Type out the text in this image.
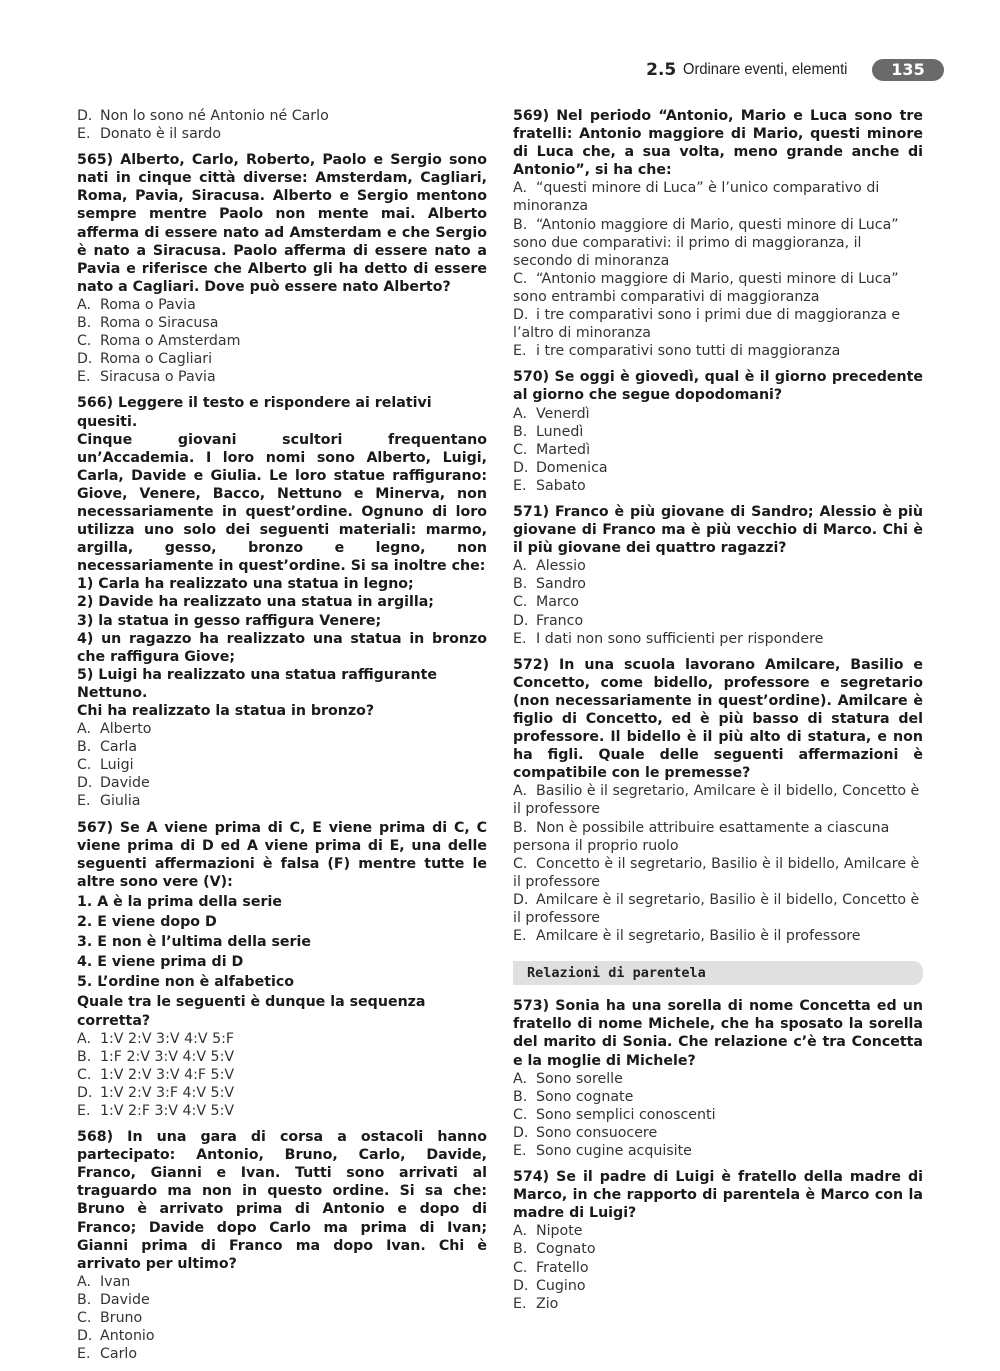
2.5 Ordinare eventi, elementi	135

D. Non lo sono né Antonio né Carlo

E. Donato è il sardo

565) Alberto, Carlo, Roberto, Paolo e Sergio sono nati in cinque città diverse: Amsterdam, Cagliari, Roma, Pavia, Siracusa. Alberto e Sergio mentono sempre mentre Paolo non mente mai. Alberto afferma di essere nato ad Amsterdam e che Sergio è nato a Siracusa. Paolo afferma di essere nato a Pavia e riferisce che Alberto gli ha detto di essere nato a Cagliari. Dove può essere nato Alberto?

A. Roma o Pavia

B. Roma o Siracusa

C. Roma o Amsterdam

D. Roma o Cagliari

E. Siracusa o Pavia

566) Leggere il testo e rispondere ai relativi quesiti.

Cinque giovani scultori frequentano un’Accademia. I loro nomi sono Alberto, Luigi, Carla, Davide e Giulia. Le loro statue raffigurano: Giove, Venere, Bacco, Nettuno e Minerva, non necessariamente in quest’ordine. Ognuno di loro utilizza uno solo dei seguenti materiali: marmo, argilla, gesso, bronzo e legno, non necessariamente in quest’ordine. Si sa inoltre che:

1) Carla ha realizzato una statua in legno;

2) Davide ha realizzato una statua in argilla;

3) la statua in gesso raffigura Venere;

4) un ragazzo ha realizzato una statua in bronzo che raffigura Giove;

5) Luigi ha realizzato una statua raffigurante Nettuno.

Chi ha realizzato la statua in bronzo?

A. Alberto

B. Carla

C. Luigi

D. Davide

E. Giulia

567) Se A viene prima di C, E viene prima di C, C viene prima di D ed A viene prima di E, una delle seguenti affermazioni è falsa (F) mentre tutte le altre sono vere (V):

1. A è la prima della serie

2. E viene dopo D

3. E non è l’ultima della serie

4. E viene prima di D

5. L’ordine non è alfabetico

Quale tra le seguenti è dunque la sequenza corretta?

A. 1:V 2:V 3:V 4:V 5:F

B. 1:F 2:V 3:V 4:V 5:V

C. 1:V 2:V 3:V 4:F 5:V

D. 1:V 2:V 3:F 4:V 5:V

E. 1:V 2:F 3:V 4:V 5:V

568) In una gara di corsa a ostacoli hanno partecipato: Antonio, Bruno, Carlo, Davide, Franco, Gianni e Ivan. Tutti sono arrivati al traguardo ma non in questo ordine. Si sa che: Bruno è arrivato prima di Antonio e dopo di Franco; Davide dopo Carlo ma prima di Ivan; Gianni prima di Franco ma dopo Ivan. Chi è arrivato per ultimo?

A. Ivan

B. Davide

C. Bruno

D. Antonio

E. Carlo

569) Nel periodo “Antonio, Mario e Luca sono tre fratelli: Antonio maggiore di Mario, questi minore di Luca che, a sua volta, meno grande anche di Antonio”, si ha che:

A. “questi minore di Luca” è l’unico comparativo di minoranza

B. “Antonio maggiore di Mario, questi minore di Luca” sono due comparativi: il primo di maggioranza, il secondo di minoranza

C. “Antonio maggiore di Mario, questi minore di Luca” sono entrambi comparativi di maggioranza

D. i tre comparativi sono i primi due di maggioranza e l’altro di minoranza

E. i tre comparativi sono tutti di maggioranza

570) Se oggi è giovedì, qual è il giorno precedente al giorno che segue dopodomani?

A. Venerdì

B. Lunedì

C. Martedì

D. Domenica

E. Sabato

571) Franco è più giovane di Sandro; Alessio è più giovane di Franco ma è più vecchio di Marco. Chi è il più giovane dei quattro ragazzi?

A. Alessio

B. Sandro

C. Marco

D. Franco

E. I dati non sono sufficienti per rispondere

572) In una scuola lavorano Amilcare, Basilio e Concetto, come bidello, professore e segretario (non necessariamente in quest’ordine). Amilcare è figlio di Concetto, ed è più basso di statura del professore. Il bidello è il più alto di statura, e non ha figli. Quale delle seguenti affermazioni è compatibile con le premesse?

A. Basilio è il segretario, Amilcare è il bidello, Concetto è il professore

B. Non è possibile attribuire esattamente a ciascuna persona il proprio ruolo

C. Concetto è il segretario, Basilio è il bidello, Amilcare è il professore

D. Amilcare è il segretario, Basilio è il bidello, Concetto è il professore

E. Amilcare è il segretario, Basilio è il professore

Relazioni di parentela

573) Sonia ha una sorella di nome Concetta ed un fratello di nome Michele, che ha sposato la sorella del marito di Sonia. Che relazione c’è tra Concetta e la moglie di Michele?

A. Sono sorelle

B. Sono cognate

C. Sono semplici conoscenti

D. Sono consuocere

E. Sono cugine acquisite

574) Se il padre di Luigi è fratello della madre di Marco, in che rapporto di parentela è Marco con la madre di Luigi?

A. Nipote

B. Cognato

C. Fratello

D. Cugino

E. Zio
